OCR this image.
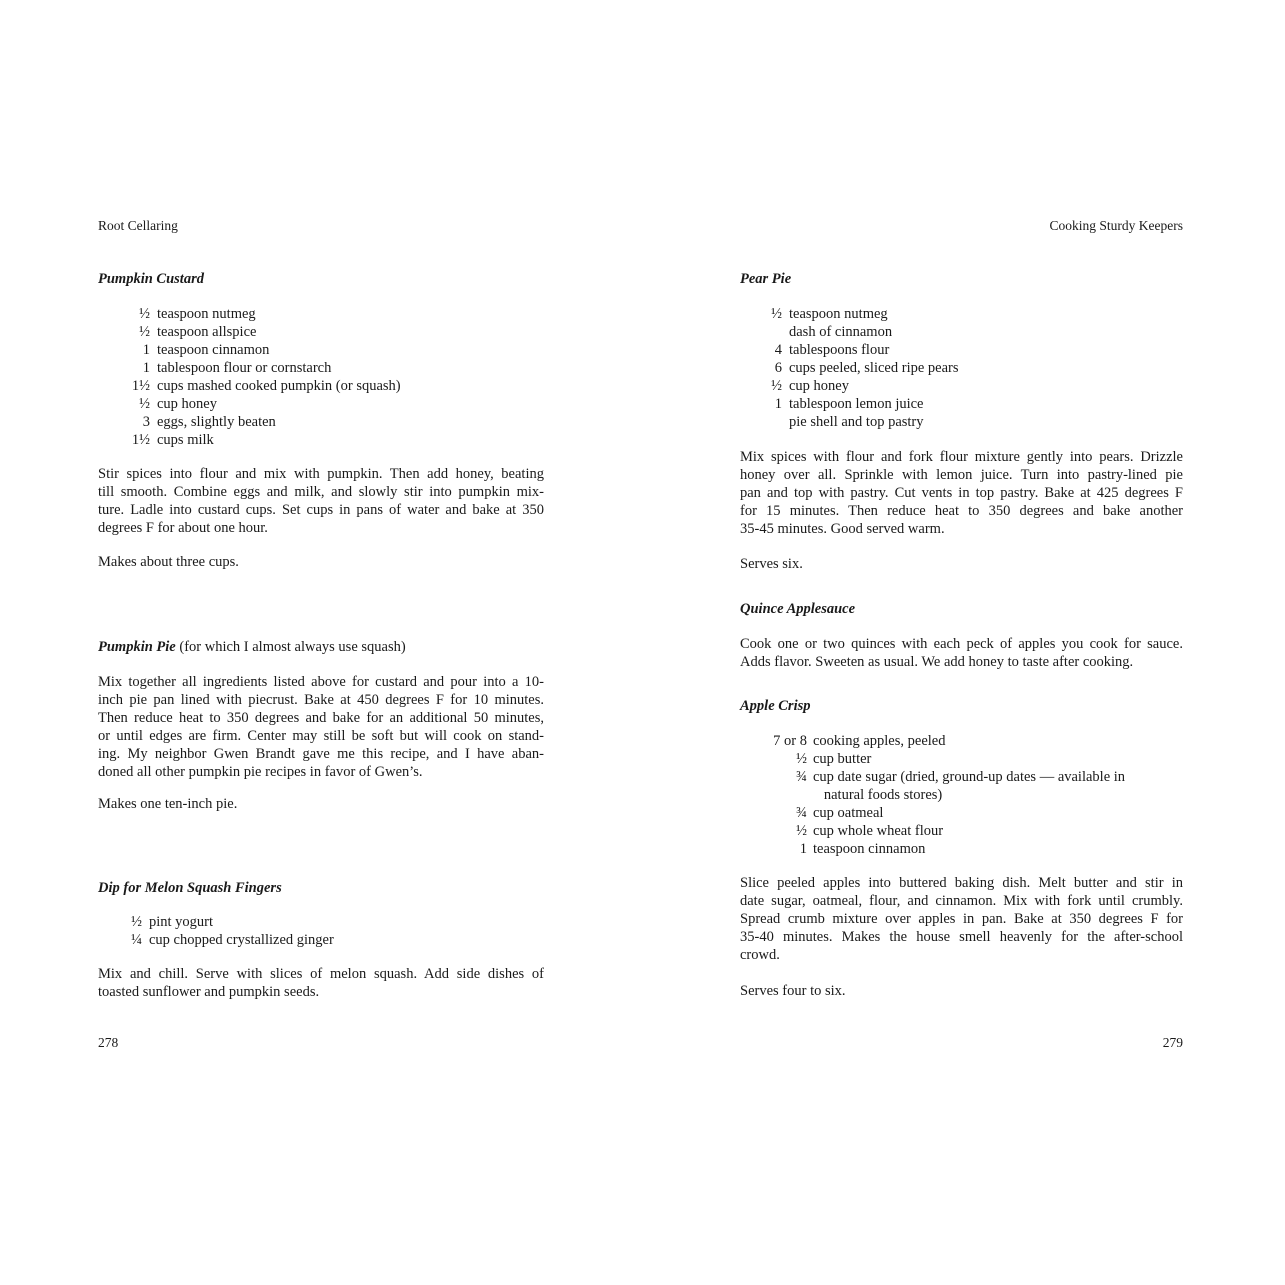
Root Cellaring
Pumpkin Custard
½ teaspoon nutmeg
½ teaspoon allspice
1 teaspoon cinnamon
1 tablespoon flour or cornstarch
1½ cups mashed cooked pumpkin (or squash)
½ cup honey
3 eggs, slightly beaten
1½ cups milk
Stir spices into flour and mix with pumpkin. Then add honey, beating
till smooth. Combine eggs and milk, and slowly stir into pumpkin mix-
ture. Ladle into custard cups. Set cups in pans of water and bake at 350
degrees F for about one hour.
Makes about three cups.
Pumpkin Pie (for which I almost always use squash)
Mix together all ingredients listed above for custard and pour into a 10-
inch pie pan lined with piecrust. Bake at 450 degrees F for 10 minutes.
Then reduce heat to 350 degrees and bake for an additional 50 minutes,
or until edges are firm. Center may still be soft but will cook on stand-
ing. My neighbor Gwen Brandt gave me this recipe, and I have aban-
doned all other pumpkin pie recipes in favor of Gwen’s.
Makes one ten-inch pie.
Dip for Melon Squash Fingers
½ pint yogurt
¼ cup chopped crystallized ginger
Mix and chill. Serve with slices of melon squash. Add side dishes of
toasted sunflower and pumpkin seeds.
278
Cooking Sturdy Keepers
Pear Pie
½ teaspoon nutmeg
dash of cinnamon
4 tablespoons flour
6 cups peeled, sliced ripe pears
½ cup honey
1 tablespoon lemon juice
pie shell and top pastry
Mix spices with flour and fork flour mixture gently into pears. Drizzle
honey over all. Sprinkle with lemon juice. Turn into pastry-lined pie
pan and top with pastry. Cut vents in top pastry. Bake at 425 degrees F
for 15 minutes. Then reduce heat to 350 degrees and bake another
35-45 minutes. Good served warm.
Serves six.
Quince Applesauce
Cook one or two quinces with each peck of apples you cook for sauce.
Adds flavor. Sweeten as usual. We add honey to taste after cooking.
Apple Crisp
7 or 8 cooking apples, peeled
½ cup butter
¾ cup date sugar (dried, ground-up dates — available in
natural foods stores)
¾ cup oatmeal
½ cup whole wheat flour
1 teaspoon cinnamon
Slice peeled apples into buttered baking dish. Melt butter and stir in
date sugar, oatmeal, flour, and cinnamon. Mix with fork until crumbly.
Spread crumb mixture over apples in pan. Bake at 350 degrees F for
35-40 minutes. Makes the house smell heavenly for the after-school
crowd.
Serves four to six.
279
